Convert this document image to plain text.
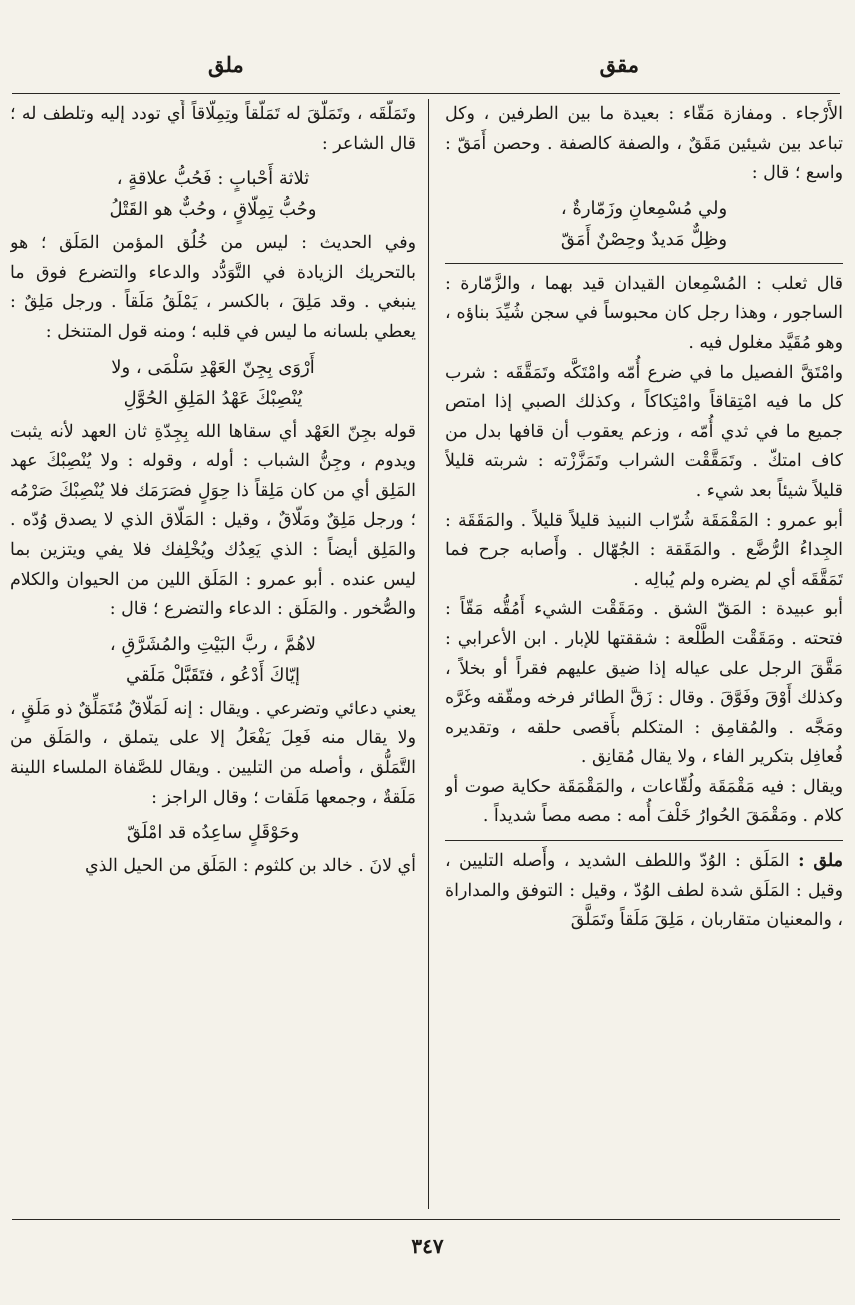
مقق
ملق

الأَرْجاء . ومفازة مَقّاء : بعيدة ما بين الطرفين ، وكل تباعد بين شيئين مَقَقٌ ، والصفة كالصفة . وحصن أَمَقّ : واسع ؛ قال :

ولي مُسْمِعانِ وزَمّارةٌ ،
وظِلٌّ مَديدٌ وحِصْنٌ أَمَقّ

قال ثعلب : المُسْمِعان القيدان قيد بهما ، والزَّمّارة : الساجور ، وهذا رجل كان محبوساً في سجن شُيِّدَ بناؤه ، وهو مُقَيَّد مغلول فيه .

وامْتَقَّ الفصيل ما في ضرع أُمّه وامْتَكَّه وتَمَقَّقَه : شرب كل ما فيه امْتِقاقاً وامْتِكاكاً ، وكذلك الصبي إذا امتص جميع ما في ثدي أُمّه ، وزعم يعقوب أن قافها بدل من كاف امتكّ . وتَمَقَّقْت الشراب وتَمَزَّزْته : شربته قليلاً قليلاً شيئاً بعد شيء .

أبو عمرو : المَقْمَقَة شُرّاب النبيذ قليلاً قليلاً . والمَقَقَة : الجِداءُ الرُّضَّع . والمَقَقة : الجُهّال . وأَصابه جرح فما تَمَقَّقَه أي لم يضره ولم يُبالِه .

أبو عبيدة : المَقّ الشق . ومَقَقْت الشيء أَمُقُّه مَقّاً : فتحته . ومَقَقْت الطَّلْعة : شققتها للإبار . ابن الأعرابي : مَقَّقَ الرجل على عياله إذا ضيق عليهم فقراً أو بخلاً ، وكذلك أَوْقَ وفَوَّقَ . وقال : زَقَّ الطائر فرخه ومقّقه وغَرَّه ومَجَّه . والمُقامِق : المتكلم بأَقصى حلقه ، وتقديره فُعافِل بتكرير الفاء ، ولا يقال مُقانِق .

ويقال : فيه مَقْمَقَة ولُقّاعات ، والمَقْمَقَة حكاية صوت أو كلام . ومَقْمَقَ الحُوارُ خَلْفَ أُمه : مصه مصاً شديداً .

ملق : المَلَق : الوُدّ واللطف الشديد ، وأَصله التليين ، وقيل : المَلَق شدة لطف الوُدّ ، وقيل : التوفق والمداراة ، والمعنيان متقاربان ، مَلِقَ مَلَقاً وتَمَلَّقَ

وتَمَلَّقَه ، وتَمَلَّقَ له تَمَلُّقاً وتِمِلّاقاً أَي تودد إليه وتلطف له ؛ قال الشاعر :

ثلاثة أَحْبابٍ : فَحُبُّ علاقةٍ ،
وحُبُّ تِمِلّاقٍ ، وحُبٌّ هو القَتْلُ

وفي الحديث : ليس من خُلُق المؤمن المَلَق ؛ هو بالتحريك الزيادة في التَّوَدُّد والدعاء والتضرع فوق ما ينبغي . وقد مَلِقَ ، بالكسر ، يَمْلَقُ مَلَقاً . ورجل مَلِقٌ : يعطي بلسانه ما ليس في قلبه ؛ ومنه قول المتنخل :

أَرْوَى بِجِنّ العَهْدِ سَلْمَى ، ولا
يُنْصِبْكَ عَهْدُ المَلِقِ الحُوَّلِ

قوله بجِنّ العَهْد أي سقاها الله بِجِدّةِ ثان العهد لأنه يثبت ويدوم ، وجِنُّ الشباب : أوله ، وقوله : ولا يُنْصِبْكَ عهد المَلِق أي من كان مَلِقاً ذا حِوَلٍ فصَرَمَك فلا يُنْصِبْكَ صَرْمُه ؛ ورجل مَلِقٌ ومَلّاقٌ ، وقيل : المَلّاق الذي لا يصدق وُدّه . والمَلِق أيضاً : الذي يَعِدُك ويُخْلِفك فلا يفي ويتزين بما ليس عنده . أبو عمرو : المَلَق اللين من الحيوان والكلام والصُّخور . والمَلَق : الدعاء والتضرع ؛ قال :

لاهُمَّ ، ربَّ البَيْتِ والمُشَرَّقِ ،
إيّاكَ أَدْعُو ، فتَقَبَّلْ مَلَقي

يعني دعائي وتضرعي . ويقال : إنه لَمَلّاقٌ مُتَمَلِّقٌ ذو مَلَقٍ ، ولا يقال منه فَعِلَ يَفْعَلُ إلا على يتملق ، والمَلَق من التَّمَلُّق ، وأصله من التليين . ويقال للصَّفاة الملساء اللينة مَلَقةٌ ، وجمعها مَلَقات ؛ وقال الراجز :

وحَوْقَلٍ ساعِدُه قد امْلَقّ

أي لانَ . خالد بن كلثوم : المَلَق من الحيل الذي

٣٤٧
